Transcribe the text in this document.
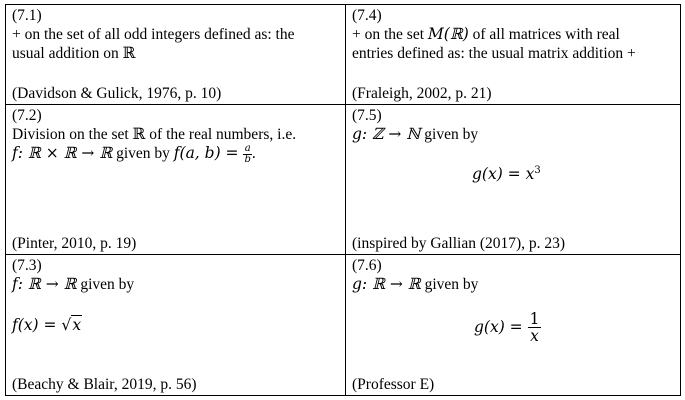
(7.1)
+ on the set of all odd integers defined as: the
usual addition on ℝ
(Davidson & Gulick, 1976, p. 10)
(7.4)
+ on the set M(ℝ) of all matrices with real
entries defined as: the usual matrix addition +
(Fraleigh, 2002, p. 21)
(7.2)
Division on the set ℝ of the real numbers, i.e.
f: ℝ × ℝ → ℝ given by f(a, $b) = \frac{a}{b}$ .
(Pinter, 2010, p. 19)
(7.5)
g: ℤ → ℕ given by
$g(x) = x^3$
(inspired by Gallian (2017), p. 23)
(7.3)
f: ℝ → ℝ given by
f(x) = √x
(Beachy & Blair, 2019, p. 56)
(7.6)
g: ℝ → ℝ given by
$g(x) = \frac{1}{x}$
(Professor E)
